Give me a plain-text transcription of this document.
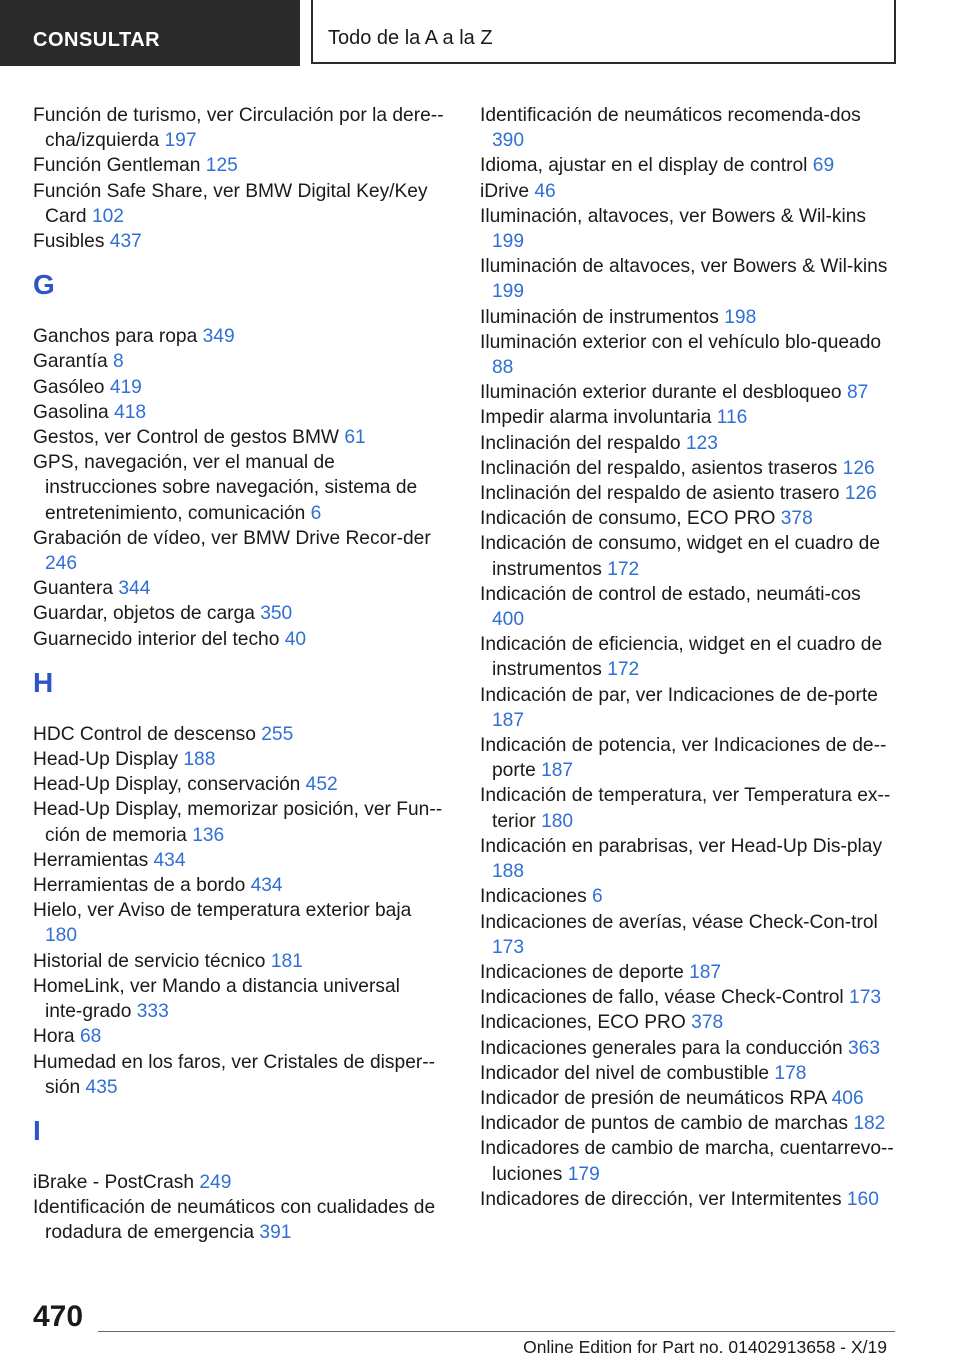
CONSULTAR	Todo de la A a la Z
Función de turismo, ver Circulación por la dere-cha/izquierda 197
Función Gentleman 125
Función Safe Share, ver BMW Digital Key/Key Card 102
Fusibles 437
G
Ganchos para ropa 349
Garantía 8
Gasóleo 419
Gasolina 418
Gestos, ver Control de gestos BMW 61
GPS, navegación, ver el manual de instrucciones sobre navegación, sistema de entretenimiento, comunicación 6
Grabación de vídeo, ver BMW Drive Recor-der 246
Guantera 344
Guardar, objetos de carga 350
Guarnecido interior del techo 40
H
HDC Control de descenso 255
Head-Up Display 188
Head-Up Display, conservación 452
Head-Up Display, memorizar posición, ver Fun-ción de memoria 136
Herramientas 434
Herramientas de a bordo 434
Hielo, ver Aviso de temperatura exterior baja 180
Historial de servicio técnico 181
HomeLink, ver Mando a distancia universal inte-grado 333
Hora 68
Humedad en los faros, ver Cristales de disper-sión 435
I
iBrake - PostCrash 249
Identificación de neumáticos con cualidades de rodadura de emergencia 391
Identificación de neumáticos recomenda-dos 390
Idioma, ajustar en el display de control 69
iDrive 46
Iluminación, altavoces, ver Bowers & Wil-kins 199
Iluminación de altavoces, ver Bowers & Wil-kins 199
Iluminación de instrumentos 198
Iluminación exterior con el vehículo blo-queado 88
Iluminación exterior durante el desbloqueo 87
Impedir alarma involuntaria 116
Inclinación del respaldo 123
Inclinación del respaldo, asientos traseros 126
Inclinación del respaldo de asiento trasero 126
Indicación de consumo, ECO PRO 378
Indicación de consumo, widget en el cuadro de instrumentos 172
Indicación de control de estado, neumáti-cos 400
Indicación de eficiencia, widget en el cuadro de instrumentos 172
Indicación de par, ver Indicaciones de de-porte 187
Indicación de potencia, ver Indicaciones de de-porte 187
Indicación de temperatura, ver Temperatura ex-terior 180
Indicación en parabrisas, ver Head-Up Dis-play 188
Indicaciones 6
Indicaciones de averías, véase Check-Con-trol 173
Indicaciones de deporte 187
Indicaciones de fallo, véase Check-Control 173
Indicaciones, ECO PRO 378
Indicaciones generales para la conducción 363
Indicador del nivel de combustible 178
Indicador de presión de neumáticos RPA 406
Indicador de puntos de cambio de marchas 182
Indicadores de cambio de marcha, cuentarrevo-luciones 179
Indicadores de dirección, ver Intermitentes 160
470
Online Edition for Part no. 01402913658 - X/19
